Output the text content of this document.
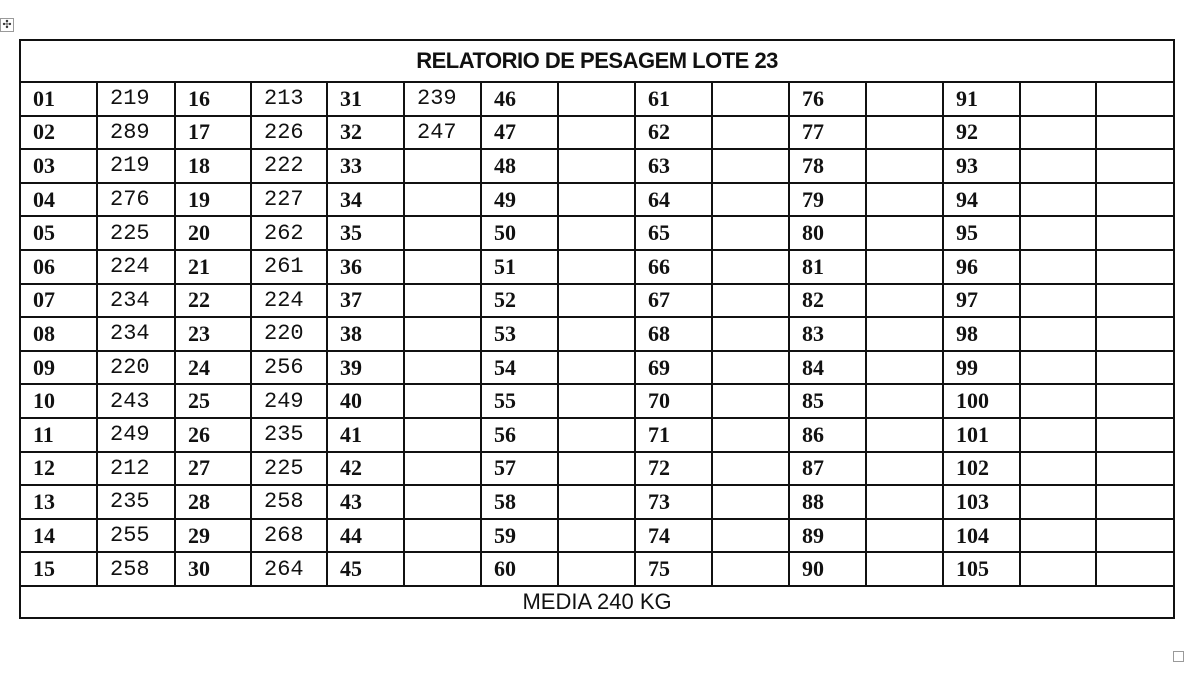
✣
RELATORIO DE PESAGEM LOTE 23														
01	219	16	213	31	239	46		61		76		91		
02	289	17	226	32	247	47		62		77		92		
03	219	18	222	33		48		63		78		93		
04	276	19	227	34		49		64		79		94		
05	225	20	262	35		50		65		80		95		
06	224	21	261	36		51		66		81		96		
07	234	22	224	37		52		67		82		97		
08	234	23	220	38		53		68		83		98		
09	220	24	256	39		54		69		84		99		
10	243	25	249	40		55		70		85		100		
11	249	26	235	41		56		71		86		101		
12	212	27	225	42		57		72		87		102		
13	235	28	258	43		58		73		88		103		
14	255	29	268	44		59		74		89		104		
15	258	30	264	45		60		75		90		105		
MEDIA 240 KG														
